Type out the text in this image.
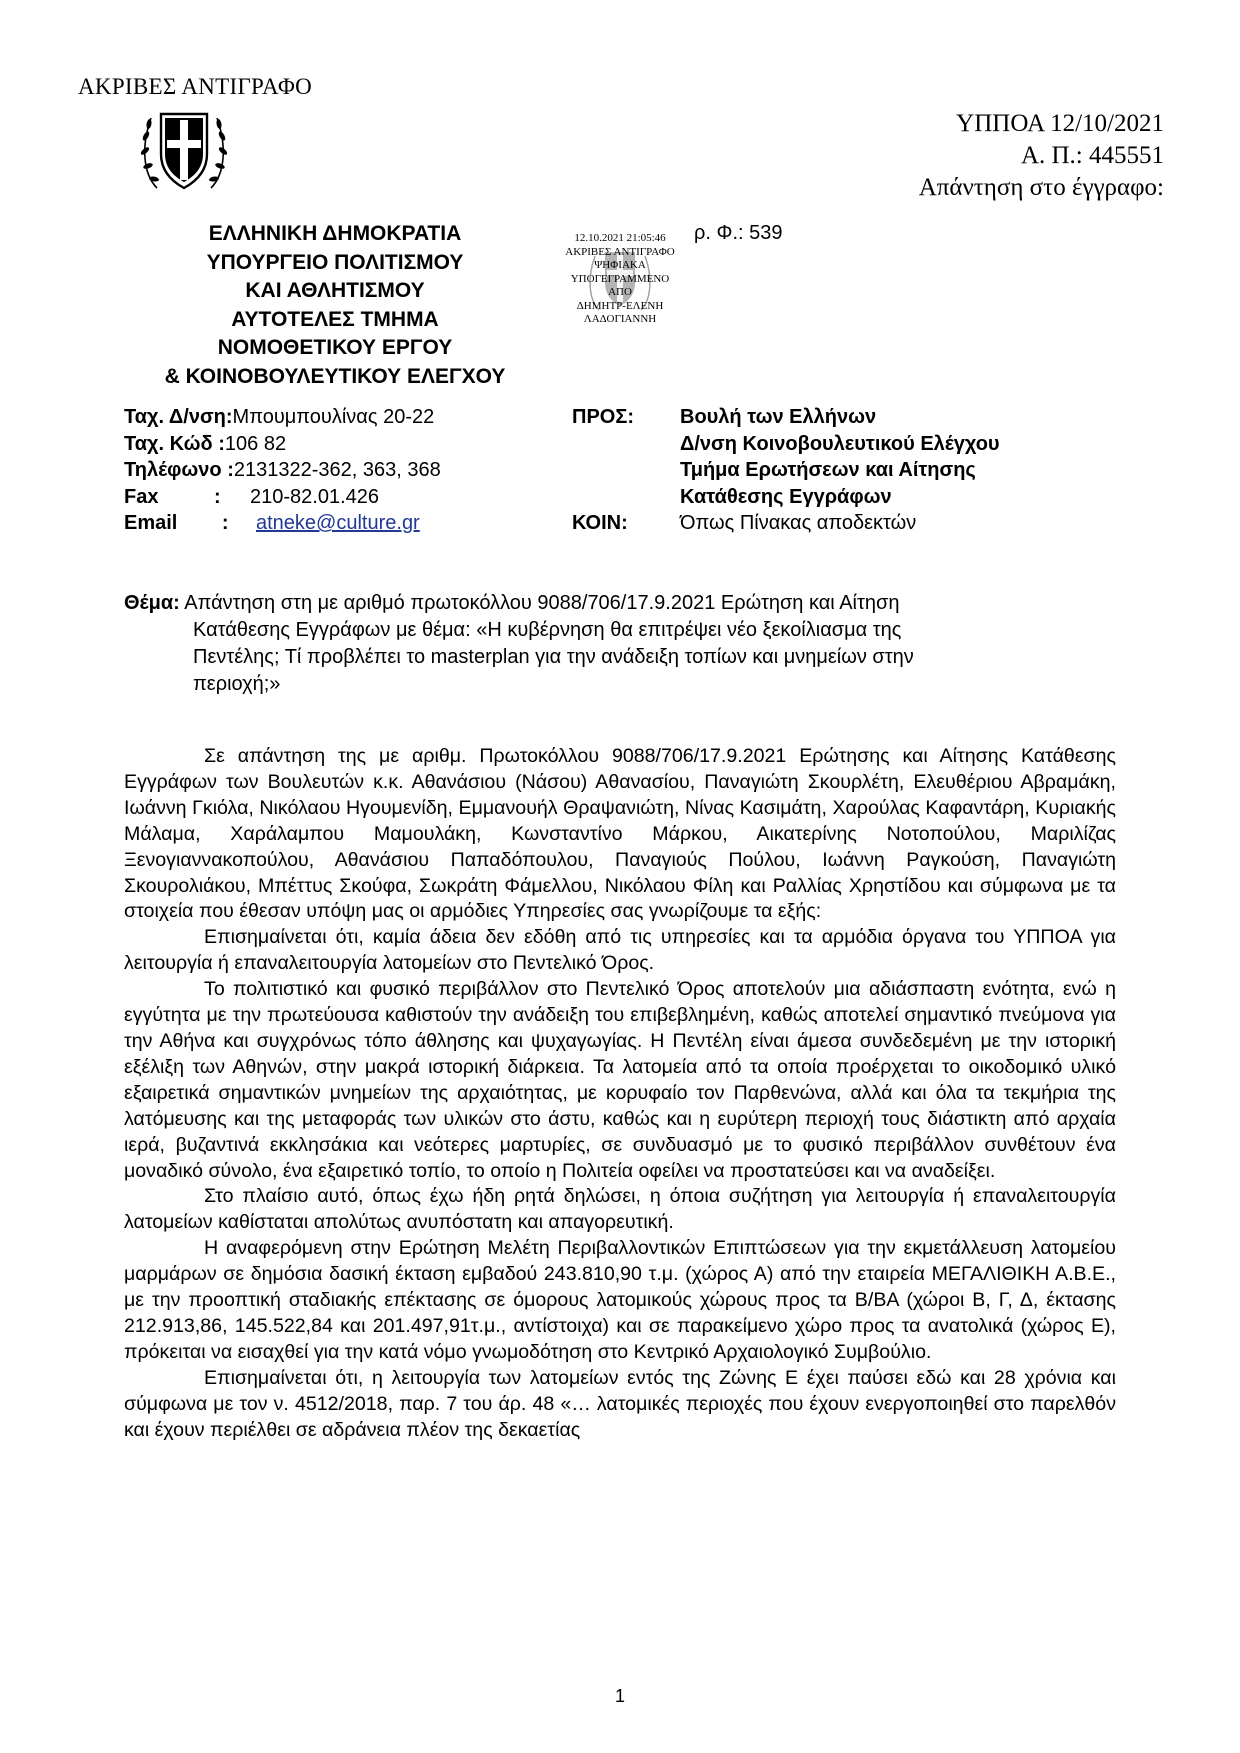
ΑΚΡΙΒΕΣ ΑΝΤΙΓΡΑΦΟ
ΥΠΠΟΑ 12/10/2021
Α. Π.: 445551
Απάντηση στο έγγραφο:
ΕΛΛΗΝΙΚΗ ΔΗΜΟΚΡΑΤΙΑ
ΥΠΟΥΡΓΕΙΟ ΠΟΛΙΤΙΣΜΟΥ
ΚΑΙ ΑΘΛΗΤΙΣΜΟΥ
ΑΥΤΟΤΕΛΕΣ ΤΜΗΜΑ
ΝΟΜΟΘΕΤΙΚΟΥ ΕΡΓΟΥ
& ΚΟΙΝΟΒΟΥΛΕΥΤΙΚΟΥ ΕΛΕΓΧΟΥ
12.10.2021 21:05:46
ΑΚΡΙΒΕΣ ΑΝΤΙΓΡΑΦΟ
ΨΗΦΙΑΚΑ
ΥΠΟΓΕΓΡΑΜΜΕΝΟ
ΑΠΟ
ΔΗΜΗΤΡ-ΕΛΕΝΗ
ΛΑΔΟΓΙΑΝΝΗ
ρ. Φ.: 539
Ταχ. Δ/νση: Μπουμπουλίνας 20-22
Ταχ. Κώδ : 106 82
Τηλέφωνο : 2131322-362, 363, 368
Fax          :	210-82.01.426
Email        :	atneke@culture.gr
ΠΡΟΣ:	Βουλή των Ελλήνων
Δ/νση Κοινοβουλευτικού Ελέγχου
Τμήμα Ερωτήσεων και Αίτησης
Κατάθεσης Εγγράφων
ΚΟΙΝ:	Όπως Πίνακας αποδεκτών
Θέμα: Απάντηση στη με αριθμό πρωτοκόλλου 9088/706/17.9.2021 Ερώτηση και Αίτηση
Κατάθεσης Εγγράφων με θέμα: «Η κυβέρνηση θα επιτρέψει νέο ξεκοίλιασμα της
Πεντέλης; Τί προβλέπει το masterplan για την ανάδειξη τοπίων και μνημείων στην
περιοχή;»

Σε απάντηση της με αριθμ. Πρωτοκόλλου 9088/706/17.9.2021 Ερώτησης και Αίτησης Κατάθεσης Εγγράφων των Βουλευτών κ.κ. Αθανάσιου (Νάσου) Αθανασίου, Παναγιώτη Σκουρλέτη, Ελευθέριου Αβραμάκη, Ιωάννη Γκιόλα, Νικόλαου Ηγουμενίδη, Εμμανουήλ Θραψανιώτη, Νίνας Κασιμάτη, Χαρούλας Καφαντάρη, Κυριακής Μάλαμα, Χαράλαμπου Μαμουλάκη, Κωνσταντίνο Μάρκου, Αικατερίνης Νοτοπούλου, Μαριλίζας Ξενογιαννακοπούλου, Αθανάσιου Παπαδόπουλου, Παναγιούς Πούλου, Ιωάννη Ραγκούση, Παναγιώτη Σκουρολιάκου, Μπέττυς Σκούφα, Σωκράτη Φάμελλου, Νικόλαου Φίλη και Ραλλίας Χρηστίδου και σύμφωνα με τα στοιχεία που έθεσαν υπόψη μας οι αρμόδιες Υπηρεσίες σας γνωρίζουμε τα εξής:

Επισημαίνεται ότι, καμία άδεια δεν εδόθη από τις υπηρεσίες και τα αρμόδια όργανα του ΥΠΠΟΑ για λειτουργία ή επαναλειτουργία λατομείων στο Πεντελικό Όρος.

Το πολιτιστικό και φυσικό περιβάλλον στο Πεντελικό Όρος αποτελούν μια αδιάσπαστη ενότητα, ενώ η εγγύτητα με την πρωτεύουσα καθιστούν την ανάδειξη του επιβεβλημένη, καθώς αποτελεί σημαντικό πνεύμονα για την Αθήνα και συγχρόνως τόπο άθλησης και ψυχαγωγίας. Η Πεντέλη είναι άμεσα συνδεδεμένη με την ιστορική εξέλιξη των Αθηνών, στην μακρά ιστορική διάρκεια. Τα λατομεία από τα οποία προέρχεται το οικοδομικό υλικό εξαιρετικά σημαντικών μνημείων της αρχαιότητας, με κορυφαίο τον Παρθενώνα, αλλά και όλα τα τεκμήρια της λατόμευσης και της μεταφοράς των υλικών στο άστυ, καθώς και η ευρύτερη περιοχή τους διάστικτη από αρχαία ιερά, βυζαντινά εκκλησάκια και νεότερες μαρτυρίες, σε συνδυασμό με το φυσικό περιβάλλον συνθέτουν ένα μοναδικό σύνολο, ένα εξαιρετικό τοπίο, το οποίο η Πολιτεία οφείλει να προστατεύσει και να αναδείξει.

Στο πλαίσιο αυτό, όπως έχω ήδη ρητά δηλώσει, η όποια συζήτηση για λειτουργία ή επαναλειτουργία λατομείων καθίσταται απολύτως ανυπόστατη και απαγορευτική.

Η αναφερόμενη στην Ερώτηση Μελέτη Περιβαλλοντικών Επιπτώσεων για την εκμετάλλευση λατομείου μαρμάρων σε δημόσια δασική έκταση εμβαδού 243.810,90 τ.μ. (χώρος Α) από την εταιρεία ΜΕΓΑΛΙΘΙΚΗ Α.Β.Ε., με την προοπτική σταδιακής επέκτασης σε όμορους λατομικούς χώρους προς τα Β/ΒΑ (χώροι Β, Γ, Δ, έκτασης 212.913,86, 145.522,84 και 201.497,91τ.μ., αντίστοιχα) και σε παρακείμενο χώρο προς τα ανατολικά (χώρος Ε), πρόκειται να εισαχθεί για την κατά νόμο γνωμοδότηση στο Κεντρικό Αρχαιολογικό Συμβούλιο.

Επισημαίνεται ότι, η λειτουργία των λατομείων εντός της Ζώνης Ε έχει παύσει εδώ και 28 χρόνια και σύμφωνα με τον ν. 4512/2018, παρ. 7 του άρ. 48 «… λατομικές περιοχές που έχουν ενεργοποιηθεί στο παρελθόν και έχουν περιέλθει σε αδράνεια πλέον της δεκαετίας

1
